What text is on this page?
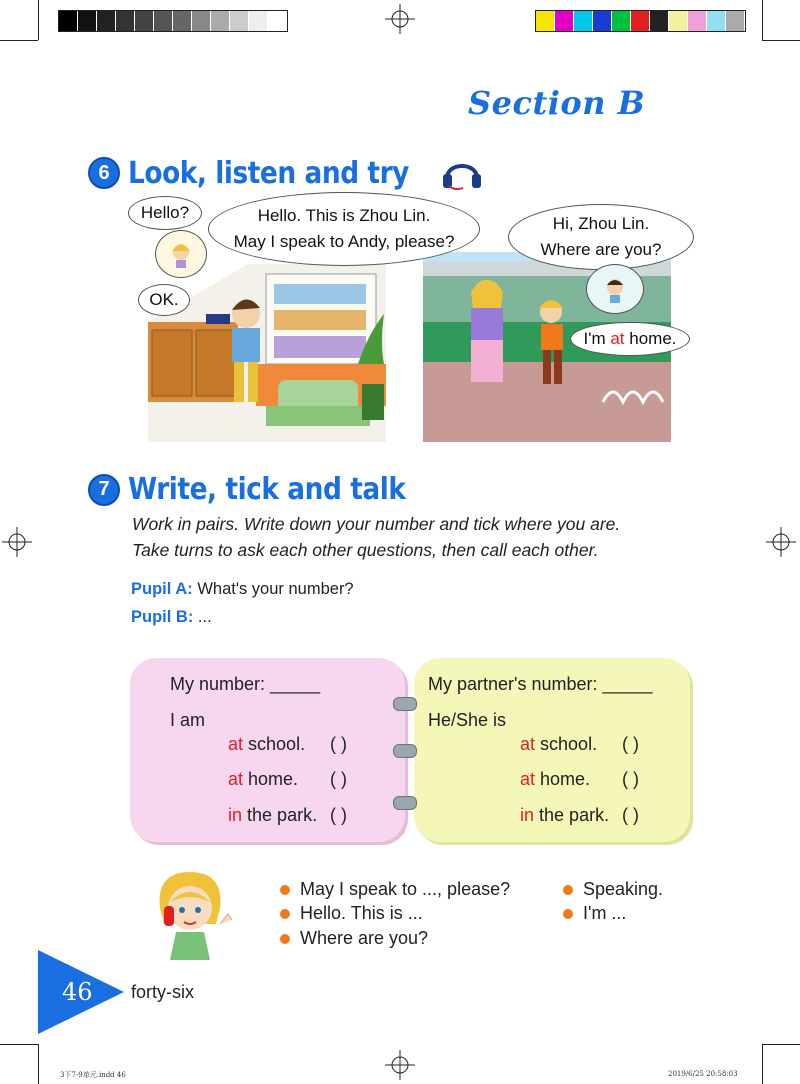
Section B
6 Look, listen and try
Hello?	Hello. This is Zhou Lin.
May I speak to Andy, please?
OK.
Hi, Zhou Lin.
Where are you?
I'm
at
home.
7 Write, tick and talk
Work in pairs. Write down your number and tick where you are.
Take turns to ask each other questions, then call each other.
Pupil A: What's your number?
Pupil B: ...
My number: _____
I am
at school. ( )
at home. ( )
in the park. ( )
My partner's number: _____
He/She is
at school. ( )
at home. ( )
in the park. ( )
May I speak to ..., please?
Hello. This is ...
Where are you?
Speaking.
I'm ...
46 forty-six
3下7-9单元.indd 46	2019/6/25 20:58:03
